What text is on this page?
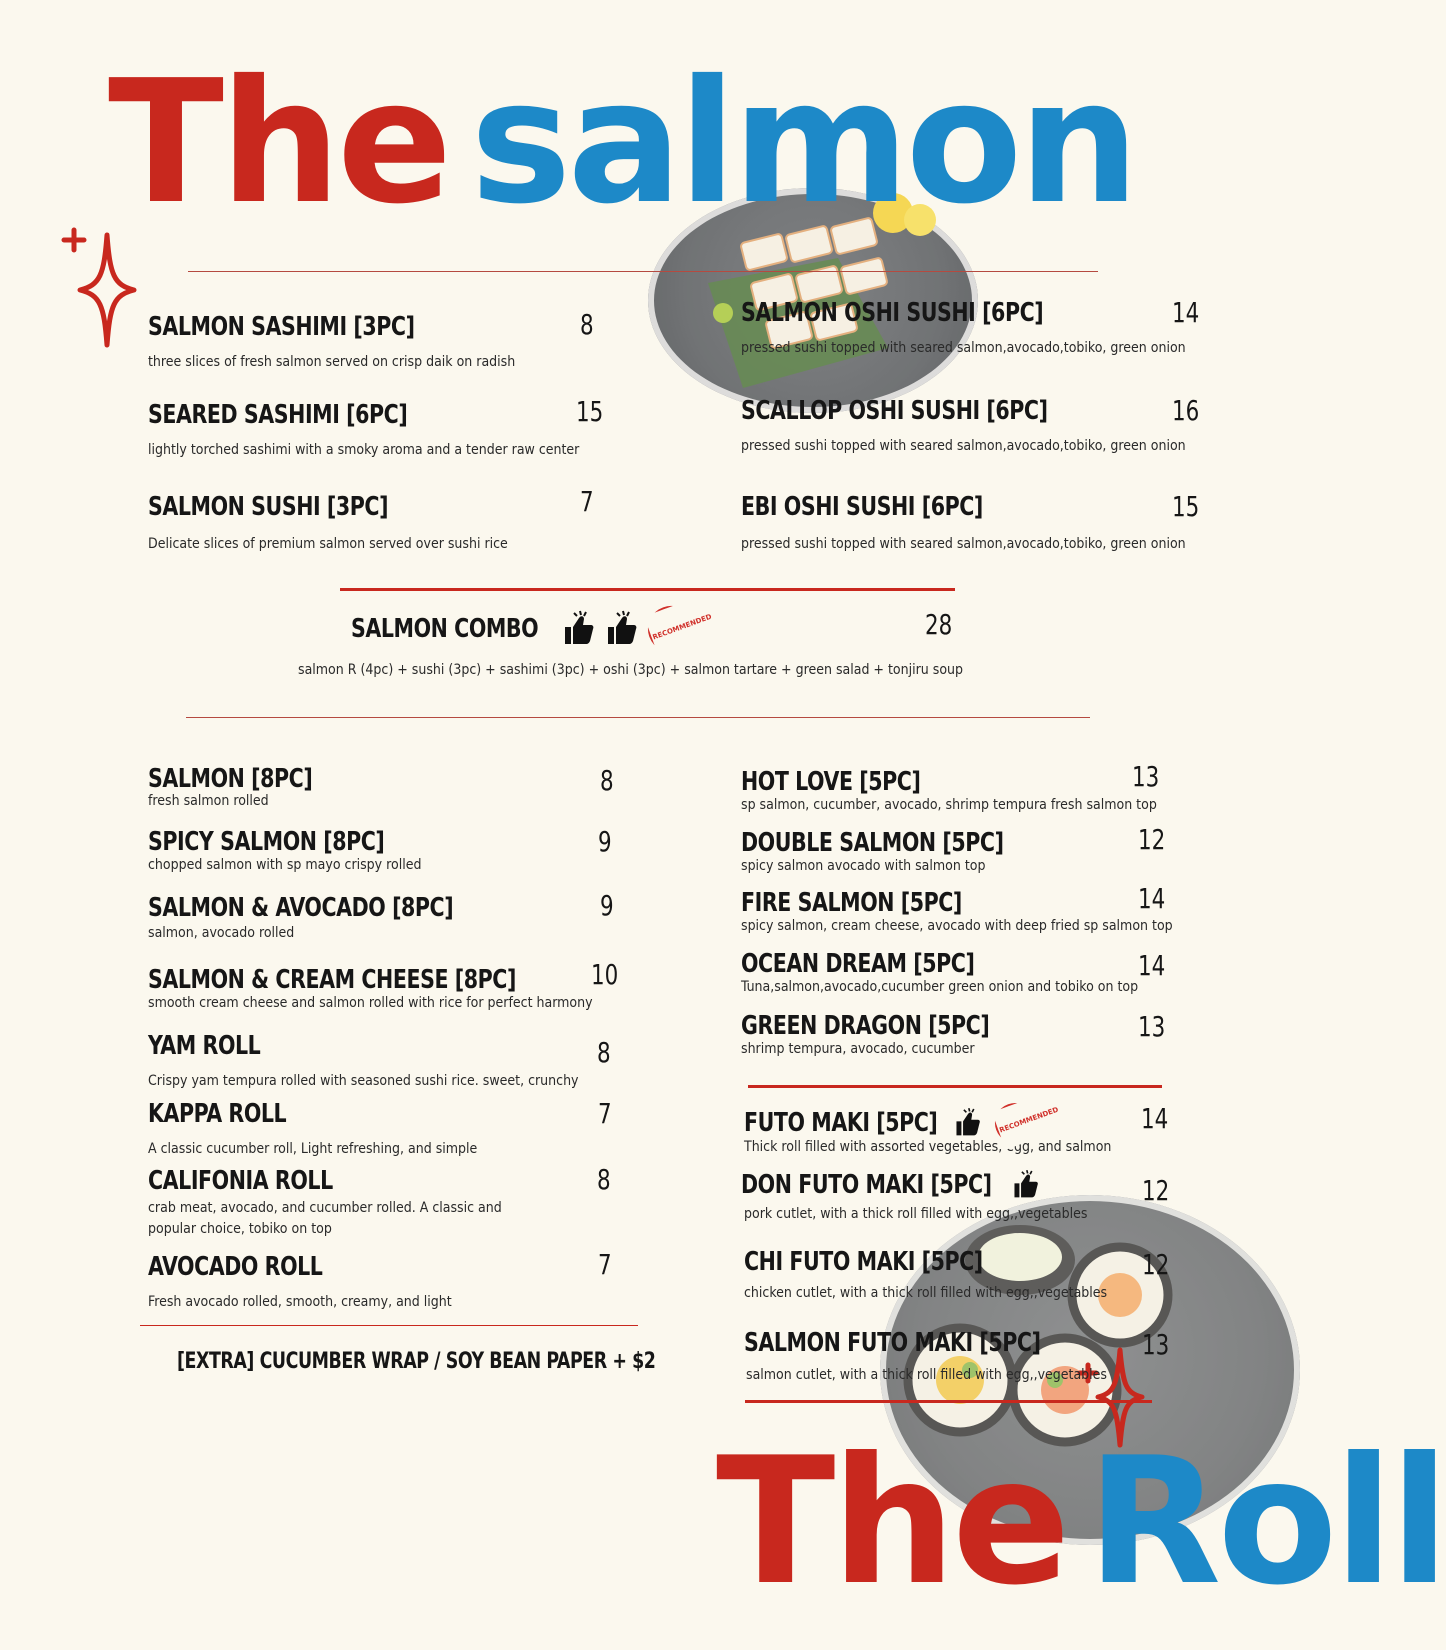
The salmon
SALMON SASHIMI [3PC]
three slices of fresh salmon served on crisp daik on radish
8
SEARED SASHIMI [6PC]
lightly torched sashimi with a smoky aroma and a tender raw center
15
SALMON SUSHI [3PC]
Delicate slices of premium salmon served over sushi rice
7
SALMON OSHI SUSHI [6PC]
pressed sushi topped with seared salmon,avocado,tobiko, green onion
14
SCALLOP OSHI SUSHI [6PC]
pressed sushi topped with seared salmon,avocado,tobiko, green onion
16
EBI OSHI SUSHI [6PC]
pressed sushi topped with seared salmon,avocado,tobiko, green onion
15
SALMON COMBO	RECOMMENDED	28
salmon R (4pc) + sushi (3pc) + sashimi (3pc) + oshi (3pc) + salmon tartare + green salad + tonjiru soup
SALMON [8PC]
fresh salmon rolled
8
SPICY SALMON [8PC]
chopped salmon with sp mayo crispy rolled
9
SALMON & AVOCADO [8PC]
salmon, avocado rolled
9
SALMON & CREAM CHEESE [8PC]
smooth cream cheese and salmon rolled with rice for perfect harmony
10
YAM ROLL
Crispy yam tempura rolled with seasoned sushi rice. sweet, crunchy
8
KAPPA ROLL
A classic cucumber roll, Light refreshing, and simple
7
CALIFONIA ROLL
crab meat, avocado, and cucumber rolled. A classic and popular choice, tobiko on top
8
AVOCADO ROLL
Fresh avocado rolled, smooth, creamy, and light
7
[EXTRA] CUCUMBER WRAP / SOY BEAN PAPER + $2
HOT LOVE [5PC]
sp salmon, cucumber, avocado, shrimp tempura fresh salmon top
13
DOUBLE SALMON [5PC]
spicy salmon avocado with salmon top
12
FIRE SALMON [5PC]
spicy salmon, cream cheese, avocado with deep fried sp salmon top
14
OCEAN DREAM [5PC]
Tuna,salmon,avocado,cucumber green onion and tobiko on top
14
GREEN DRAGON [5PC]
shrimp tempura, avocado, cucumber
13
FUTO MAKI [5PC]	RECOMMENDED
Thick roll filled with assorted vegetables, egg, and salmon
14
DON FUTO MAKI [5PC]
pork cutlet, with a thick roll filled with egg,,vegetables
12
CHI FUTO MAKI [5PC]
chicken cutlet, with a thick roll filled with egg,,vegetables
12
SALMON FUTO MAKI [5PC]
salmon cutlet, with a thick roll filled with egg,,vegetables
13
The Roll
